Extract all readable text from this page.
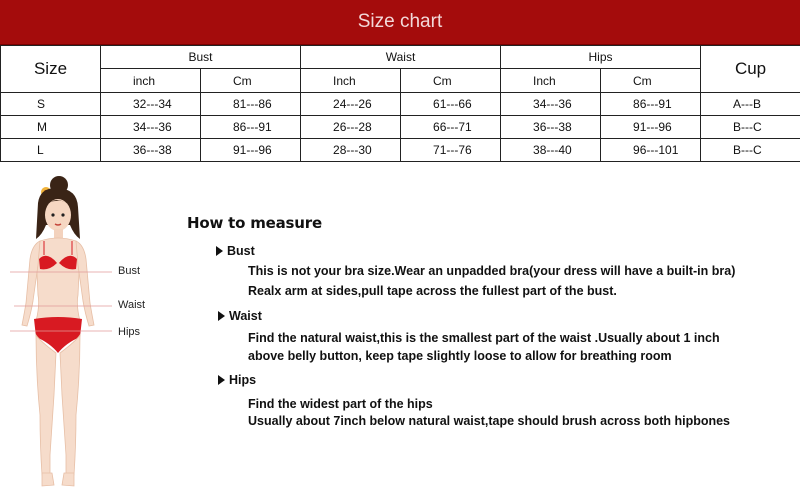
Size chart
Size	Bust		Waist		Hips		Cup
	inch	Cm	Inch	Cm	Inch	Cm	
S	32---34	81---86	24---26	61---66	34---36	86---91	A---B
M	34---36	86---91	26---28	66---71	36---38	91---96	B---C
L	36---38	91---96	28---30	71---76	38---40	96---101	B---C
Bust
Waist
Hips
How to measure
Bust
This is not your bra size.Wear an unpadded bra(your dress will have a built-in bra)
Realx arm at sides,pull tape across the fullest part of the bust.
Waist
Find the natural waist,this is the smallest part of the waist .Usually about 1 inch
above belly button, keep tape slightly loose to allow for breathing room
Hips
Find the widest part of the hips
Usually about 7inch below natural waist,tape should brush across both hipbones
